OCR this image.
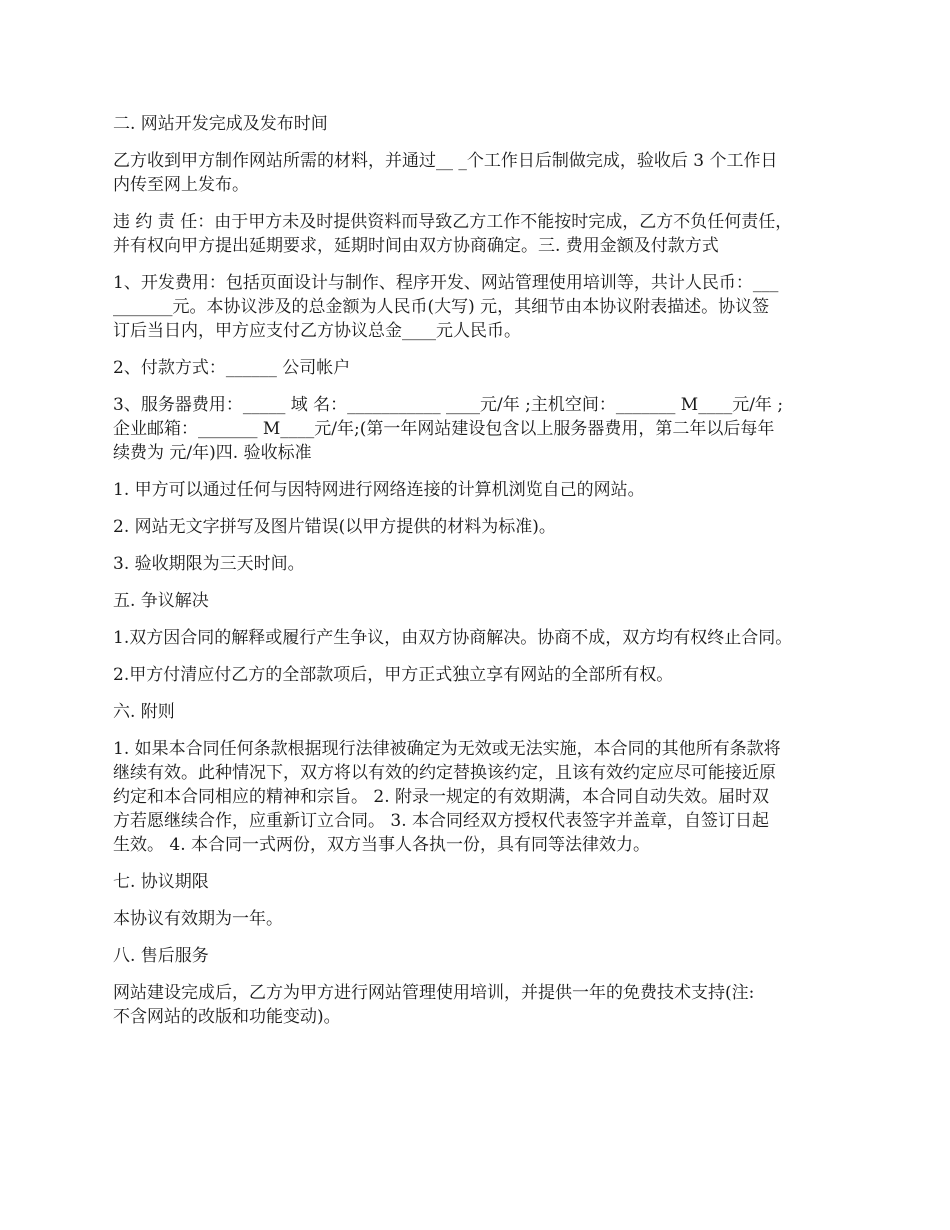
二. 网站开发完成及发布时间

乙方收到甲方制作网站所需的材料，并通过__ _个工作日后制做完成，验收后 3 个工作日
内传至网上发布。

违 约 责 任：由于甲方未及时提供资料而导致乙方工作不能按时完成，乙方不负任何责任，
并有权向甲方提出延期要求，延期时间由双方协商确定。三. 费用金额及付款方式

1、开发费用：包括页面设计与制作、程序开发、网站管理使用培训等，共计人民币：___
_______元。本协议涉及的总金额为人民币(大写) 元，其细节由本协议附表描述。协议签
订后当日内，甲方应支付乙方协议总金____元人民币。

2、付款方式：______ 公司帐户

3、服务器费用：_____ 域 名：___________ ____元/年 ;主机空间：_______ M____元/年 ;
企业邮箱：_______ M____元/年;(第一年网站建设包含以上服务器费用，第二年以后每年
续费为 元/年)四. 验收标准

1. 甲方可以通过任何与因特网进行网络连接的计算机浏览自己的网站。

2. 网站无文字拼写及图片错误(以甲方提供的材料为标准)。

3. 验收期限为三天时间。

五. 争议解决

1.双方因合同的解释或履行产生争议，由双方协商解决。协商不成，双方均有权终止合同。

2.甲方付清应付乙方的全部款项后，甲方正式独立享有网站的全部所有权。

六. 附则

1. 如果本合同任何条款根据现行法律被确定为无效或无法实施，本合同的其他所有条款将
继续有效。此种情况下，双方将以有效的约定替换该约定，且该有效约定应尽可能接近原
约定和本合同相应的精神和宗旨。 2. 附录一规定的有效期满，本合同自动失效。届时双
方若愿继续合作，应重新订立合同。 3. 本合同经双方授权代表签字并盖章，自签订日起
生效。 4. 本合同一式两份，双方当事人各执一份，具有同等法律效力。

七. 协议期限

本协议有效期为一年。

八. 售后服务

网站建设完成后，乙方为甲方进行网站管理使用培训，并提供一年的免费技术支持(注:
不含网站的改版和功能变动)。
